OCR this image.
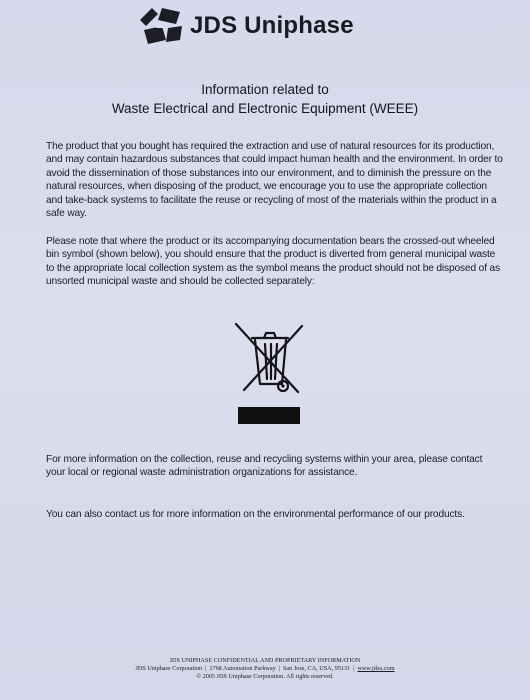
JDS Uniphase
Information related to
Waste Electrical and Electronic Equipment (WEEE)
The product that you bought has required the extraction and use of natural resources for its production, and may contain hazardous substances that could impact human health and the environment. In order to avoid the dissemination of those substances into our environment, and to diminish the pressure on the natural resources, when disposing of the product, we encourage you to use the appropriate collection and take-back systems to facilitate the reuse or recycling of most of the materials within the product in a safe way.
Please note that where the product or its accompanying documentation bears the crossed-out wheeled bin symbol (shown below), you should ensure that the product is diverted from general municipal waste to the appropriate local collection system as the symbol means the product should not be disposed of as unsorted municipal waste and should be collected separately:
For more information on the collection, reuse and recycling systems within your area, please contact your local or regional waste administration organizations for assistance.
You can also contact us for more information on the environmental performance of our products.
JDS UNIPHASE CONFIDENTIAL AND PROPRIETARY INFORMATION
JDS Uniphase Corporation | 1768 Automation Parkway | San Jose, CA, USA, 95131 | www.jdsu.com
© 2005 JDS Uniphase Corporation. All rights reserved.
